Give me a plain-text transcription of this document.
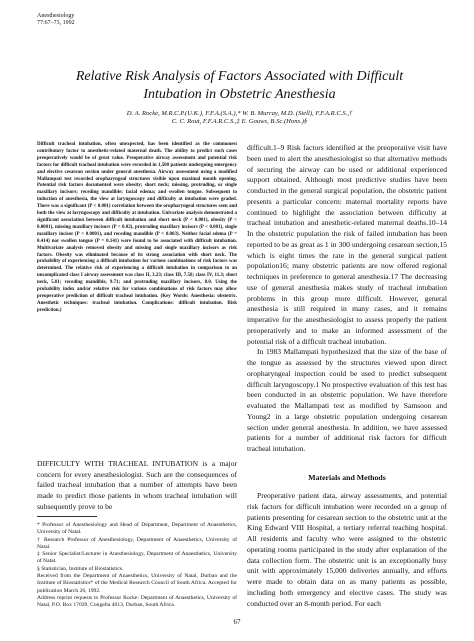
Anesthesiology
77:67–73, 1992
Relative Risk Analysis of Factors Associated with Difficult
Intubation in Obstetric Anesthesia
D. A. Rocke, M.R.C.P.(U.K.), F.F.A.(S.A.),* W. B. Murray, M.D. (Stell), F.F.A.R.C.S.,†
C. C. Rout, F.F.A.R.C.S.,‡ E. Gouws, B.Sc.(Hons.)§

Difficult tracheal intubation, often unexpected, has been identified as the commonest contributory factor to anesthetic-related maternal death. The ability to predict such cases preoperatively would be of great value. Preoperative airway assessment and potential risk factors for difficult tracheal intubation were recorded in 1,500 patients undergoing emergency and elective cesarean section under general anesthesia. Airway assessment using a modified Mallampati test recorded oropharyngeal structures visible upon maximal mouth opening. Potential risk factors documented were obesity; short neck; missing, protruding, or single maxillary incisors; receding mandible; facial edema; and swollen tongue. Subsequent to induction of anesthesia, the view at laryngoscopy and difficulty at intubation were graded. There was a significant (P < 0.001) correlation between the oropharyngeal structures seen and both the view at laryngoscopy and difficulty at intubation. Univariate analysis demonstrated a significant association between difficult intubation and short neck (P < 0.001), obesity (P < 0.0001), missing maxillary incisors (P < 0.02), protruding maxillary incisors (P < 0.001), single maxillary incisor (P < 0.0001), and receding mandible (P < 0.003). Neither facial edema (P = 0.414) nor swollen tongue (P = 0.141) were found to be associated with difficult intubation. Multivariate analysis removed obesity and missing and single maxillary incisors as risk factors. Obesity was eliminated because of its strong association with short neck. The probability of experiencing a difficult intubation for various combinations of risk factors was determined. The relative risk of experiencing a difficult intubation in comparison to an uncomplicated class I airway assessment was class II, 3.23; class III, 7.58; class IV, 11.3; short neck, 5.01; receding mandible, 9.71; and protruding maxillary incisors, 8.0. Using the probability index and/or relative risk for various combinations of risk factors may allow preoperative prediction of difficult tracheal intubation. (Key Words: Anesthesia: obstetric. Anesthetic techniques: tracheal intubation. Complications: difficult intubation. Risk prediction.)

DIFFICULTY WITH TRACHEAL INTUBATION is a major concern for every anesthesiologist. Such are the consequences of failed tracheal intubation that a number of attempts have been made to predict those patients in whom tracheal intubation will subsequently prove to be

* Professor of Anesthesiology and Head of Department, Department of Anaesthetics, University of Natal.

† Research Professor of Anesthesiology, Department of Anaesthetics, University of Natal.

‡ Senior Specialist/Lecturer in Anesthesiology, Department of Anaesthetics, University of Natal.

§ Statistician, Institute of Biostatistics.

Received from the Department of Anaesthetics, University of Natal, Durban and the Institute of Biostatistics* of the Medical Research Council of South Africa. Accepted for publication March 26, 1992.

Address reprint requests to Professor Rocke: Department of Anaesthetics, University of Natal, P.O. Box 17039, Congella 4013, Durban, South Africa.

difficult.1–9 Risk factors identified at the preoperative visit have been used to alert the anesthesiologist so that alternative methods of securing the airway can be used or additional experienced support obtained. Although most predictive studies have been conducted in the general surgical population, the obstetric patient presents a particular concern: maternal mortality reports have continued to highlight the association between difficulty at tracheal intubation and anesthetic-related maternal deaths.10–14 In the obstetric population the risk of failed intubation has been reported to be as great as 1 in 300 undergoing cesarean section,15 which is eight times the rate in the general surgical patient population16; many obstetric patients are now offered regional techniques in preference to general anesthesia.17 The decreasing use of general anesthesia makes study of tracheal intubation problems in this group more difficult. However, general anesthesia is still required in many cases, and it remains imperative for the anesthesiologist to assess properly the patient preoperatively and to make an informed assessment of the potential risk of a difficult tracheal intubation.

In 1983 Mallampati hypothesized that the size of the base of the tongue as assessed by the structures viewed upon direct oropharyngeal inspection could be used to predict subsequent difficult laryngoscopy.1 No prospective evaluation of this test has been conducted in an obstetric population. We have therefore evaluated the Mallampati test as modified by Samsoon and Young2 in a large obstetric population undergoing cesarean section under general anesthesia. In addition, we have assessed patients for a number of additional risk factors for difficult tracheal intubation.

Materials and Methods

Preoperative patient data, airway assessments, and potential risk factors for difficult intubation were recorded on a group of patients presenting for cesarean section to the obstetric unit at the King Edward VIII Hospital, a tertiary referral teaching hospital. All residents and faculty who were assigned to the obstetric operating rooms participated in the study after explanation of the data collection form. The obstetric unit is an exceptionally busy unit with approximately 15,000 deliveries annually, and efforts were made to obtain data on as many patients as possible, including both emergency and elective cases. The study was conducted over an 8-month period. For each

67
